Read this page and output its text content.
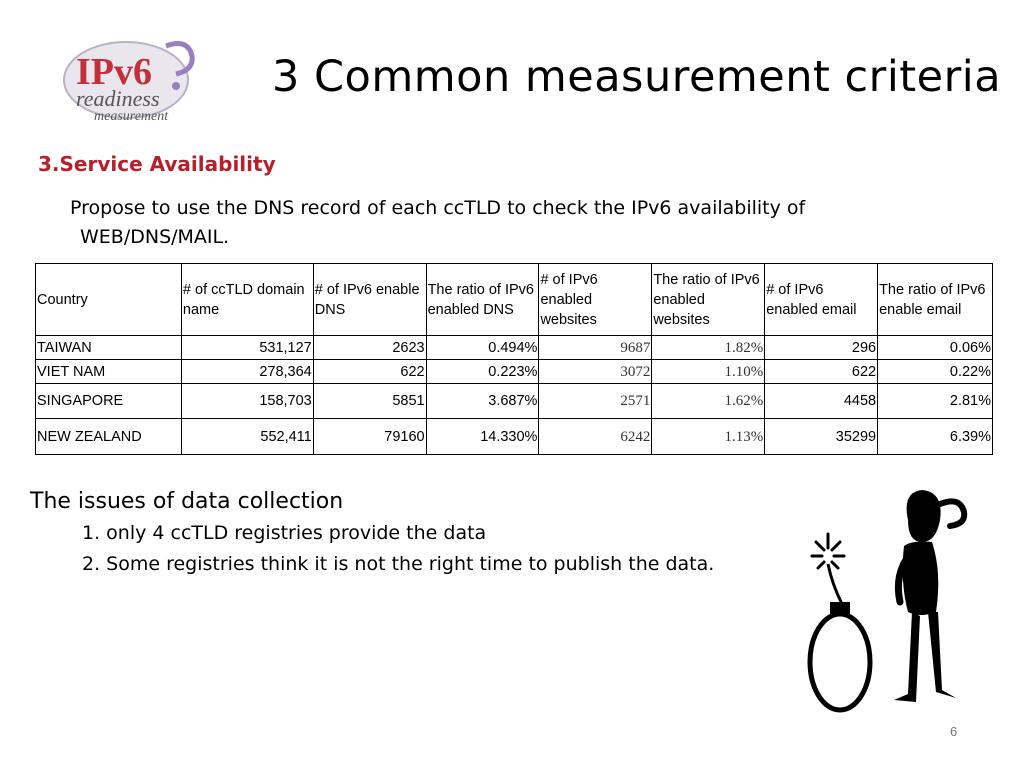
IPv6
readiness
measurement
3 Common measurement criteria
3.Service Availability
Propose to use the DNS record of each ccTLD to check the IPv6 availability of
WEB/DNS/MAIL.
Country	# of ccTLD domain name	# of IPv6 enable DNS	The ratio of IPv6 enabled DNS	# of IPv6 enabled websites	The ratio of IPv6 enabled websites	# of IPv6 enabled email	The ratio of IPv6 enable email
TAIWAN	531,127	2623	0.494%	9687	1.82%	296	0.06%
VIET NAM	278,364	622	0.223%	3072	1.10%	622	0.22%
SINGAPORE	158,703	5851	3.687%	2571	1.62%	4458	2.81%
NEW ZEALAND	552,411	79160	14.330%	6242	1.13%	35299	6.39%
The issues of data collection
1. only 4 ccTLD registries provide the data
2. Some registries think it is not the right time to publish the data.
6
